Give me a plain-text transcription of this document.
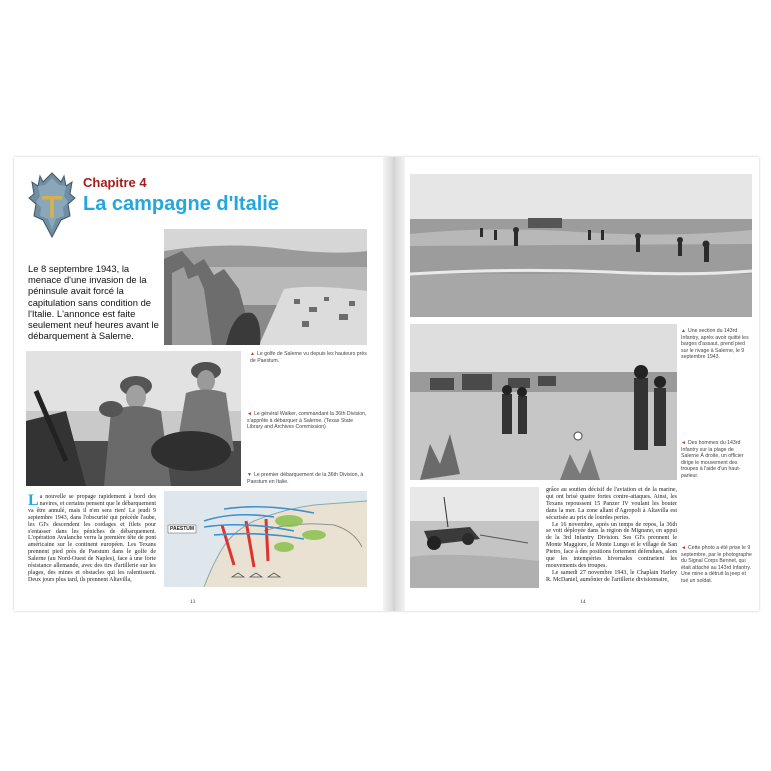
Chapitre 4
La campagne d'Italie
▲ Le golfe de Salerne vu depuis les hauteurs près de Paestum.
Le 8 septembre 1943, la menace d'une invasion de la péninsule avait forcé la capitulation sans condition de l'Italie. L'annonce est faite seulement neuf heures avant le débarquement à Salerne.
◄ Le général Walker, commandant la 36th Division, s'apprête à débarquer à Salerne. (Texas State Library and Archives Commission)
▼ Le premier débarquement de la 36th Division, à Paestum en Italie.
La nouvelle se propage rapidement à bord des navires, et certains pensent que le débarquement va être annulé, mais il n'en sera rien! Le jeudi 9 septembre 1943, dans l'obscurité qui précède l'aube, les GI's descendent les cordages et filets pour s'entasser dans les péniches de débarquement. L'opération Avalanche verra la première tête de pont américaine sur le continent européen. Les Texans prennent pied près de Paestum dans le golfe de Salerne (au Nord-Ouest de Naples), face à une forte résistance allemande, avec des tirs d'artillerie sur les plages, des mines et obstacles qui les ralentissent. Deux jours plus tard, ils prennent Altavilla,
PAESTUM
13
▲ Une section du 143rd Infantry, après avoir quitté les barges d'assaut, prend pied sur le rivage à Salerne, le 9 septembre 1943.
◄ Des hommes du 143rd Infantry sur la plage de Salerne À droite, un officier dirige le mouvement des troupes à l'aide d'un haut-parleur.
grâce au soutien décisif de l'aviation et de la marine, qui ont brisé quatre fortes contre-attaques. Ainsi, les Texans repoussent 15 Panzer IV voulant les bouter dans la mer. La zone allant d'Agropoli à Altavilla est sécurisée au prix de lourdes pertes.
Le 16 novembre, après un temps de repos, la 36th se voit déployée dans la région de Mignano, en appui de la 3rd Infantry Division. Ses GI's prennent le Monte Maggiore, le Monte Lungo et le village de San Pietro, face à des positions fortement défendues, alors que les intempéries hivernales contrarient les mouvements des troupes.
Le samedi 27 novembre 1943, le Chaplain Harley R. McDaniel, aumônier de l'artillerie divisionnaire,
◄ Cette photo a été prise le 9 septembre, par le photographe du Signal Corps Bennet, qui était attaché au 143rd Infantry. Une mine a détruit la jeep et tué un soldat.
14
